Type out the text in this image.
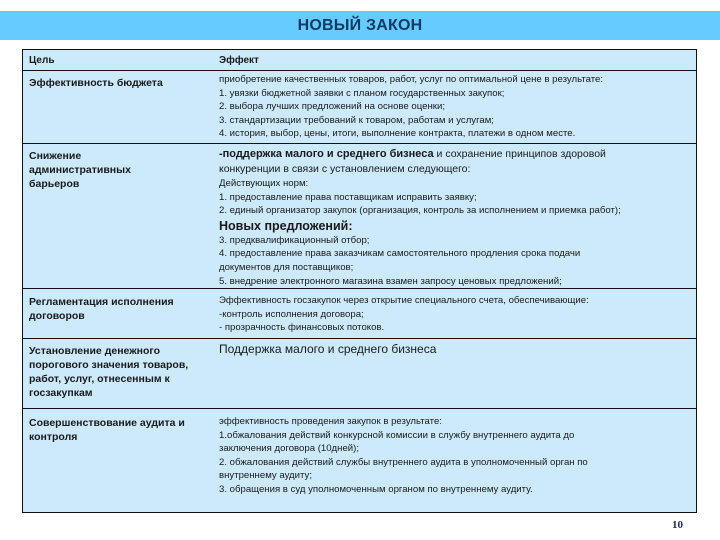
НОВЫЙ ЗАКОН
Цель	Эффект
Эффективность бюджета	приобретение качественных товаров, работ, услуг по оптимальной цене в результате:
1. увязки бюджетной заявки с планом государственных закупок;
2. выбора лучших предложений на основе оценки;
3. стандартизации требований к товаром, работам и услугам;
4. история, выбор, цены, итоги, выполнение контракта, платежи в одном месте.
Снижение административных барьеров
-поддержка малого и среднего бизнеса и сохранение принципов здоровой
конкуренции в связи с установлением следующего:
Действующих норм:
1. предоставление права поставщикам исправить заявку;
2. единый организатор закупок (организация, контроль за исполнением и приемка работ);
Новых предложений:
3. предквалификационный отбор;
4. предоставление права заказчикам самостоятельного продления срока подачи
документов для поставщиков;
5. внедрение электронного магазина взамен запросу ценовых предложений;
Регламентация исполнения договоров
Эффективность госзакупок через открытие специального счета, обеспечивающие:
-контроль исполнения договора;
- прозрачность финансовых потоков.
Установление денежного порогового значения товаров, работ, услуг, отнесенным к госзакупкам
Поддержка малого и среднего бизнеса
Совершенствование аудита и контроля
эффективность проведения закупок в результате:
1.обжалования действий конкурсной комиссии в службу внутреннего аудита до
заключения договора (10дней);
2. обжалования действий службы внутреннего аудита в уполномоченный орган по
внутреннему аудиту;
3. обращения в суд уполномоченным органом по внутреннему аудиту.
10
